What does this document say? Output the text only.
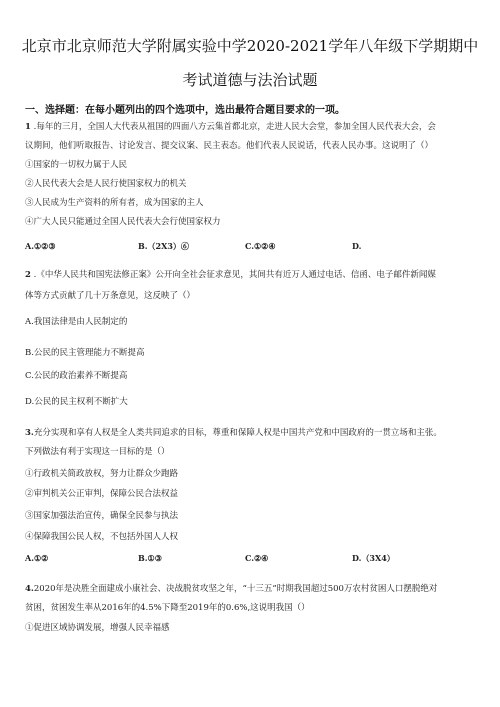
北京市北京师范大学附属实验中学2020-2021学年八年级下学期期中
考试道德与法治试题
一、选择题：在每小题列出的四个选项中，选出最符合题目要求的一项。
1 .每年的三月，全国人大代表从祖国的四面八方云集首都北京，走进人民大会堂，参加全国人民代表大会，会
议期间，他们听取报告、讨论发言、提交议案、民主表态。他们代表人民说话，代表人民办事。这说明了（）
①国家的一切权力属于人民
②人民代表大会是人民行使国家权力的机关
③人民成为生产资料的所有者，成为国家的主人
④广大人民只能通过全国人民代表大会行使国家权力
A.①②③	B.（2X3）⑥	C.①②④	D.
2 .《中华人民共和国宪法修正案》公开向全社会征求意见，其间共有近万人通过电话、信函、电子邮件新闻媒
体等方式贡献了几十万条意见，这反映了（）
A.我国法律是由人民制定的
B.公民的民主管理能力不断提高
C.公民的政治素养不断提高
D.公民的民主权利不断扩大
3.充分实现和享有人权是全人类共同追求的目标，尊重和保障人权是中国共产党和中国政府的一贯立场和主张。
下列做法有利于实现这一目标的是（）
①行政机关简政放权，努力让群众少跑路
②审判机关公正审判，保障公民合法权益
③国家加强法治宣传，确保全民参与执法
④保障我国公民人权，不包括外国人人权
A.①②	B.①③	C.②④	D.（3X4）
4.2020年是决胜全面建成小康社会、决战脱贫攻坚之年，“十三五”时期我国超过500万农村贫困人口摆脱绝对
贫困，贫困发生率从2016年的4.5%下降至2019年的0.6%,这说明我国（）
①促进区域协调发展，增强人民幸福感
